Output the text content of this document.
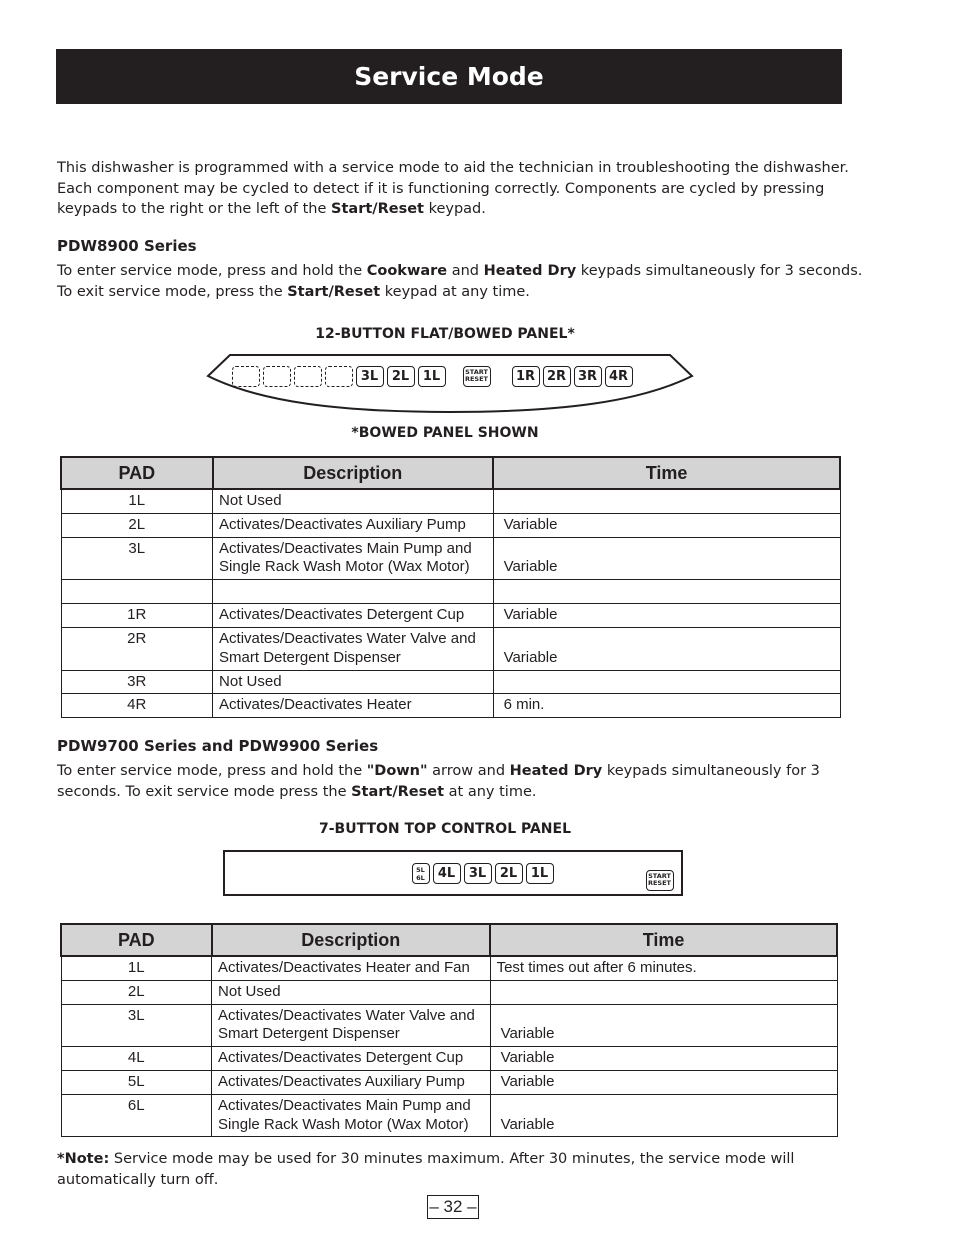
Service Mode
This dishwasher is programmed with a service mode to aid the technician in troubleshooting the dishwasher.
Each component may be cycled to detect if it is functioning correctly. Components are cycled by pressing
keypads to the right or the left of the Start/Reset keypad.
PDW8900 Series
To enter service mode, press and hold the Cookware and Heated Dry keypads simultaneously for 3 seconds.
To exit service mode, press the Start/Reset keypad at any time.
12-BUTTON FLAT/BOWED PANEL*
3L	2L	1L	START
RESET	1R 2R 3R 4R
*BOWED PANEL SHOWN
PAD	Description	Time
1L	Not Used	

2L	Activates/Deactivates Auxiliary Pump	Variable
3L	Activates/Deactivates Main Pump and
Single Rack Wash Motor (Wax Motor)	Variable

1R	Activates/Deactivates Detergent Cup	Variable
2R	Activates/Deactivates Water Valve and
Smart Detergent Dispenser	Variable
3R	Not Used	

4R	Activates/Deactivates Heater	6 min.
PDW9700 Series and PDW9900 Series
To enter service mode, press and hold the "Down" arrow and Heated Dry keypads simultaneously for 3
seconds. To exit service mode press the Start/Reset at any time.
7-BUTTON TOP CONTROL PANEL
5L
6L	4L	3L	2L	1L	START
RESET
PAD	Description	Time
1L	Activates/Deactivates Heater and Fan	Test times out after 6 minutes.
2L	Not Used	

3L	Activates/Deactivates Water Valve and
Smart Detergent Dispenser	Variable
4L	Activates/Deactivates Detergent Cup	Variable
5L	Activates/Deactivates Auxiliary Pump	Variable
6L	Activates/Deactivates Main Pump and
Single Rack Wash Motor (Wax Motor)	Variable
*Note: Service mode may be used for 30 minutes maximum. After 30 minutes, the service mode will
automatically turn off.
– 32 –
